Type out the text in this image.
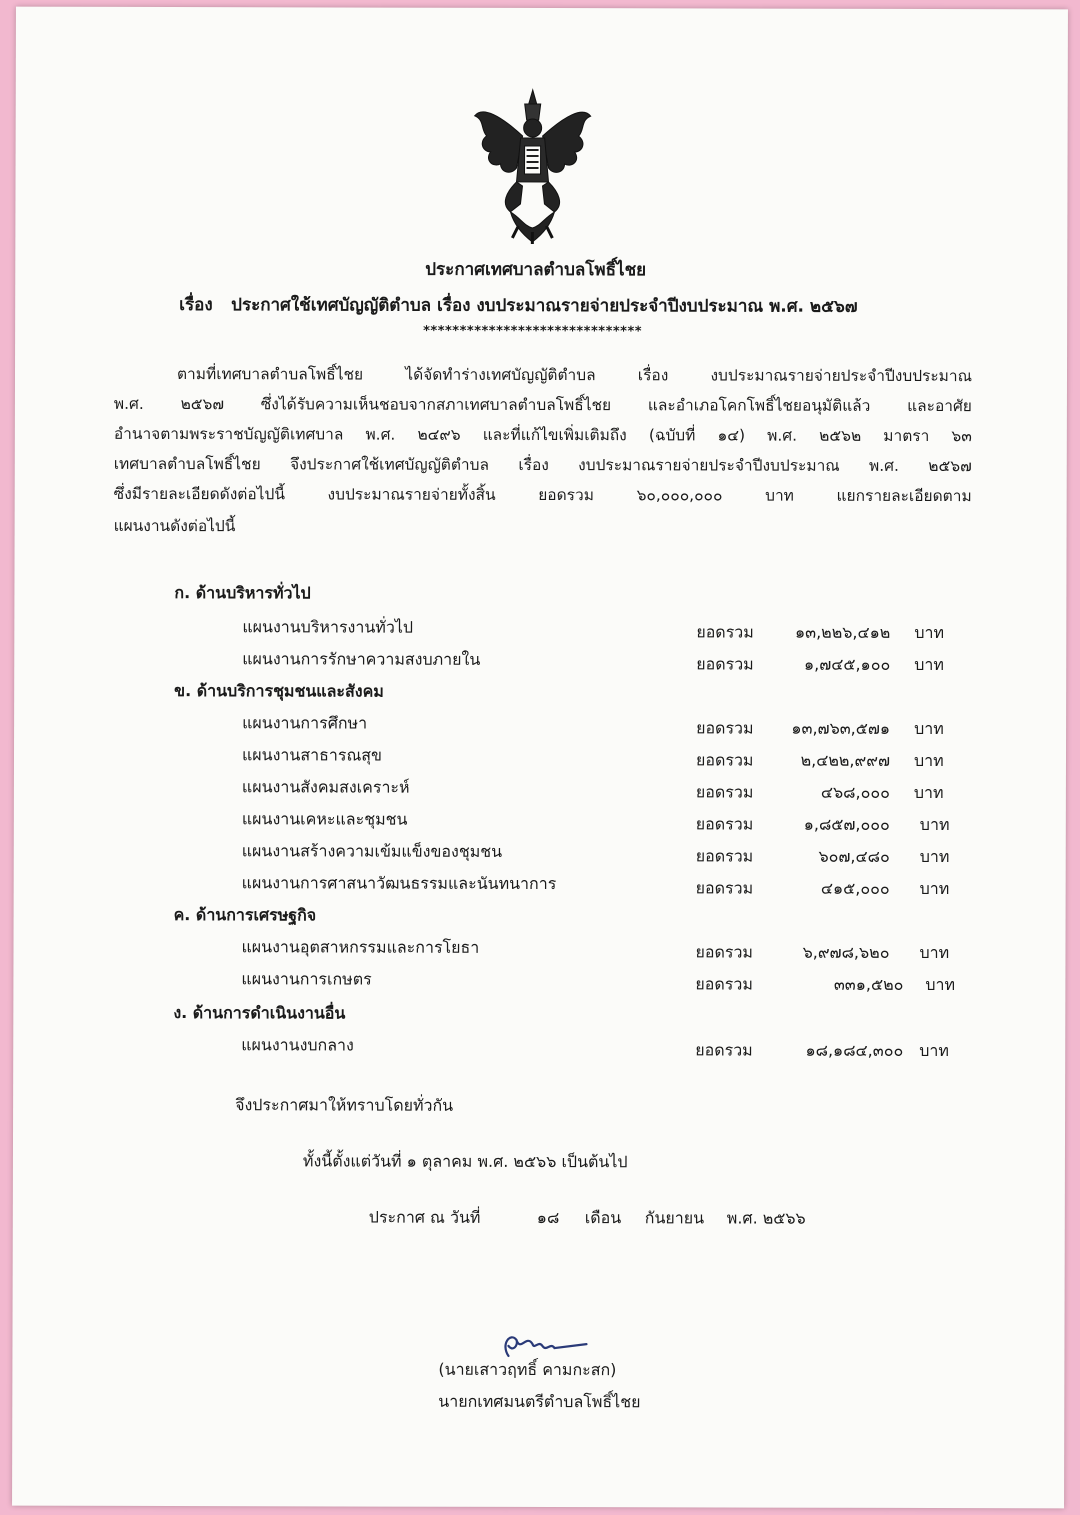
ประกาศเทศบาลตำบลโพธิ์ไชย
เรื่อง ประกาศใช้เทศบัญญัติตำบล เรื่อง งบประมาณรายจ่ายประจำปีงบประมาณ พ.ศ. ๒๕๖๗
******************************
ตามที่เทศบาลตำบลโพธิ์ไชย ได้จัดทำร่างเทศบัญญัติตำบล เรื่อง งบประมาณรายจ่ายประจำปีงบประมาณ
พ.ศ. ๒๕๖๗ ซึ่งได้รับความเห็นชอบจากสภาเทศบาลตำบลโพธิ์ไชย และอำเภอโคกโพธิ์ไชยอนุมัติแล้ว และอาศัย
อำนาจตามพระราชบัญญัติเทศบาล พ.ศ. ๒๔๙๖ และที่แก้ไขเพิ่มเติมถึง (ฉบับที่ ๑๔) พ.ศ. ๒๕๖๒ มาตรา ๖๓
เทศบาลตำบลโพธิ์ไชย จึงประกาศใช้เทศบัญญัติตำบล เรื่อง งบประมาณรายจ่ายประจำปีงบประมาณ พ.ศ. ๒๕๖๗
ซึ่งมีรายละเอียดดังต่อไปนี้ งบประมาณรายจ่ายทั้งสิ้น ยอดรวม ๖๐,๐๐๐,๐๐๐ บาท แยกรายละเอียดตาม
แผนงานดังต่อไปนี้
ก. ด้านบริหารทั่วไป
แผนงานบริหารงานทั่วไป	ยอดรวม	๑๓,๒๒๖,๔๑๒ บาท
แผนงานการรักษาความสงบภายใน	ยอดรวม	๑,๗๔๕,๑๐๐ บาท
ข. ด้านบริการชุมชนและสังคม
แผนงานการศึกษา	ยอดรวม	๑๓,๗๖๓,๕๗๑ บาท
แผนงานสาธารณสุข	ยอดรวม	๒,๔๒๒,๙๙๗ บาท
แผนงานสังคมสงเคราะห์	ยอดรวม	๔๖๘,๐๐๐ บาท
แผนงานเคหะและชุมชน	ยอดรวม	๑,๘๕๗,๐๐๐ บาท
แผนงานสร้างความเข้มแข็งของชุมชน	ยอดรวม	๖๐๗,๔๘๐ บาท
แผนงานการศาสนาวัฒนธรรมและนันทนาการ	ยอดรวม	๔๑๕,๐๐๐ บาท
ค. ด้านการเศรษฐกิจ
แผนงานอุตสาหกรรมและการโยธา	ยอดรวม	๖,๙๗๘,๖๒๐ บาท
แผนงานการเกษตร	ยอดรวม	๓๓๑,๕๒๐ บาท
ง. ด้านการดำเนินงานอื่น
แผนงานงบกลาง	ยอดรวม	๑๘,๑๘๔,๓๐๐ บาท
จึงประกาศมาให้ทราบโดยทั่วกัน
ทั้งนี้ตั้งแต่วันที่ ๑ ตุลาคม พ.ศ. ๒๕๖๖ เป็นต้นไป
ประกาศ ณ วันที่	๑๘ เดือน กันยายน พ.ศ. ๒๕๖๖
(นายเสาวฤทธิ์ คามกะสก)
นายกเทศมนตรีตำบลโพธิ์ไชย
